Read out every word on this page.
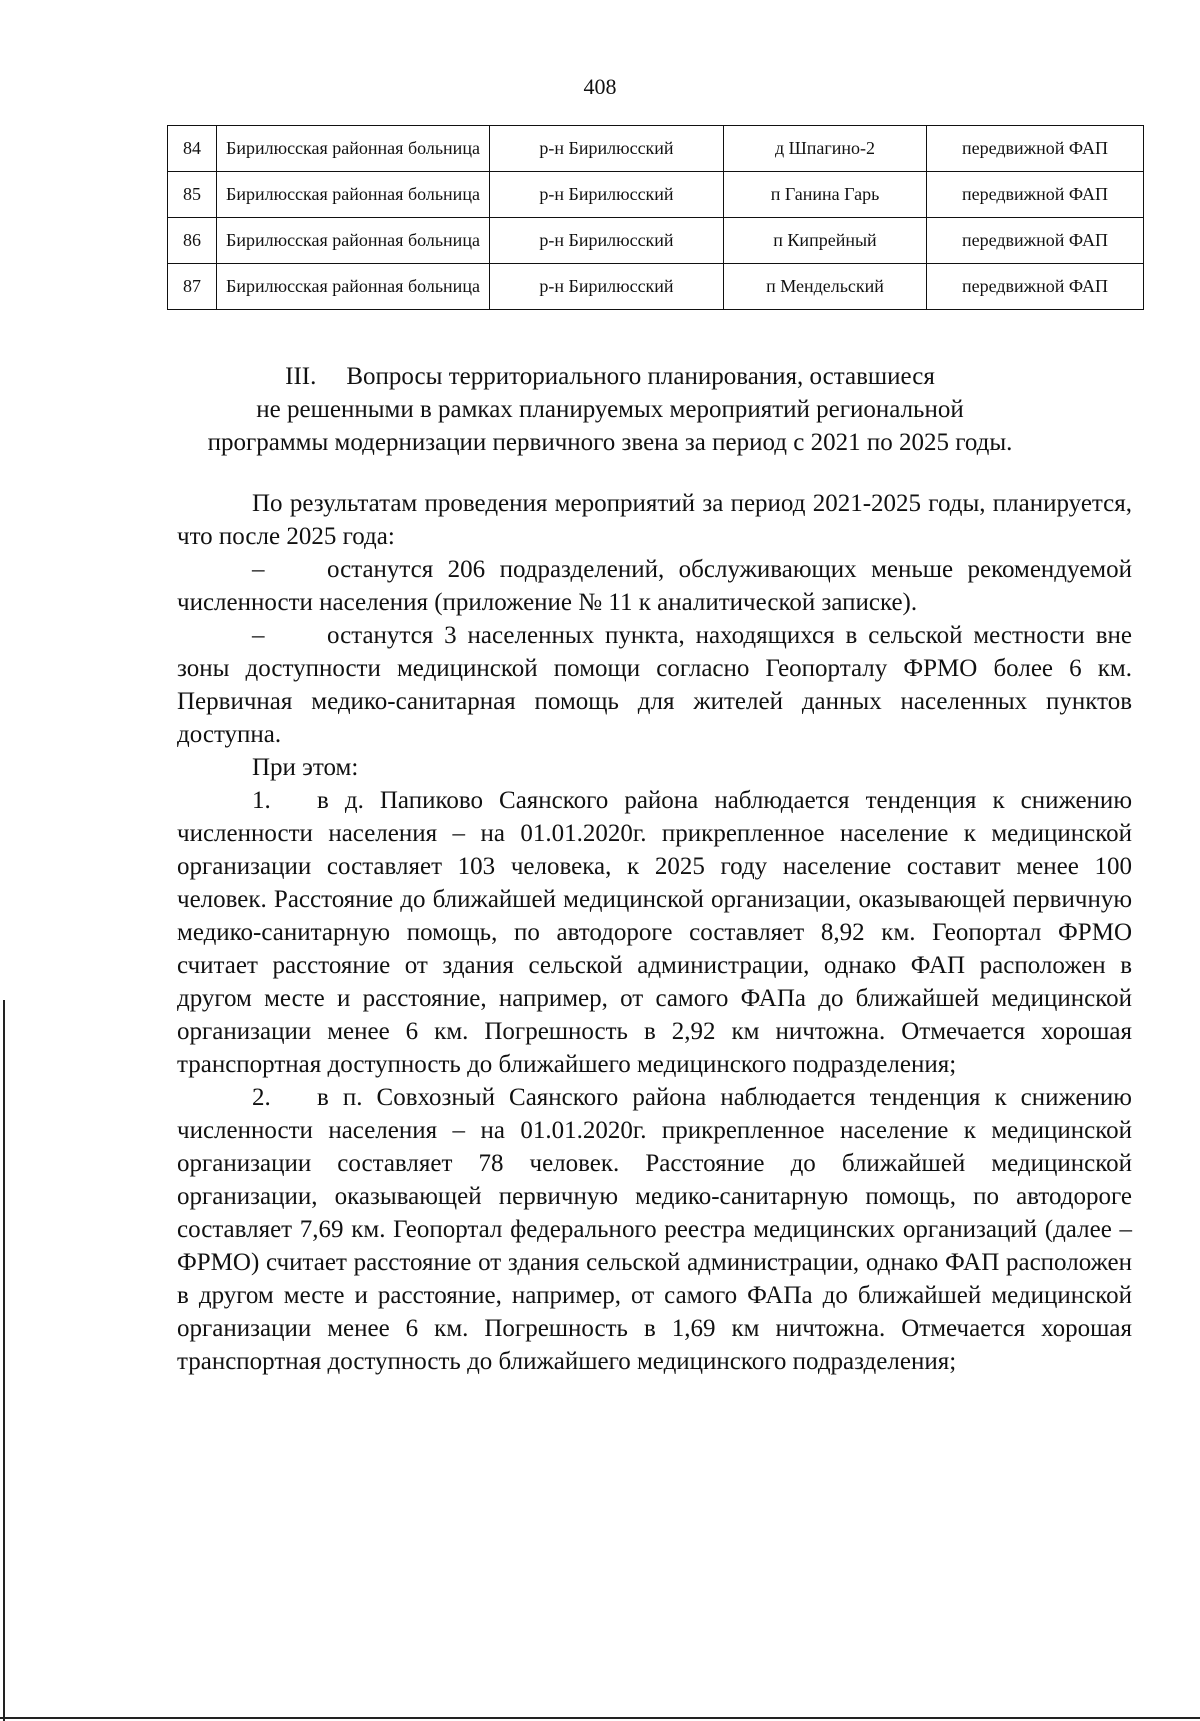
408
84	Бирилюсская районная больница	р-н Бирилюсский	д Шпагино-2	передвижной ФАП
85	Бирилюсская районная больница	р-н Бирилюсский	п Ганина Гарь	передвижной ФАП
86	Бирилюсская районная больница	р-н Бирилюсский	п Кипрейный	передвижной ФАП
87	Бирилюсская районная больница	р-н Бирилюсский	п Мендельский	передвижной ФАП
III. Вопросы территориального планирования, оставшиеся
не решенными в рамках планируемых мероприятий региональной
программы модернизации первичного звена за период с 2021 по 2025 годы.

По результатам проведения мероприятий за период 2021-2025 годы, планируется, что после 2025 года:

–	останутся 206 подразделений, обслуживающих меньше рекомендуемой численности населения (приложение № 11 к аналитической записке).

–	останутся 3 населенных пункта, находящихся в сельской местности вне зоны доступности медицинской помощи согласно Геопорталу ФРМО более 6 км. Первичная медико-санитарная помощь для жителей данных населенных пунктов доступна.

При этом:

1. в д. Папиково Саянского района наблюдается тенденция к снижению численности населения – на 01.01.2020г. прикрепленное население к медицинской организации составляет 103 человека, к 2025 году население составит менее 100 человек. Расстояние до ближайшей медицинской организации, оказывающей первичную медико-санитарную помощь, по автодороге составляет 8,92 км. Геопортал ФРМО считает расстояние от здания сельской администрации, однако ФАП расположен в другом месте и расстояние, например, от самого ФАПа до ближайшей медицинской организации менее 6 км. Погрешность в 2,92 км ничтожна. Отмечается хорошая транспортная доступность до ближайшего медицинского подразделения;

2. в п. Совхозный Саянского района наблюдается тенденция к снижению численности населения – на 01.01.2020г. прикрепленное население к медицинской организации составляет 78 человек. Расстояние до ближайшей медицинской организации, оказывающей первичную медико-санитарную помощь, по автодороге составляет 7,69 км. Геопортал федерального реестра медицинских организаций (далее – ФРМО) считает расстояние от здания сельской администрации, однако ФАП расположен в другом месте и расстояние, например, от самого ФАПа до ближайшей медицинской организации менее 6 км. Погрешность в 1,69 км ничтожна. Отмечается хорошая транспортная доступность до ближайшего медицинского подразделения;
